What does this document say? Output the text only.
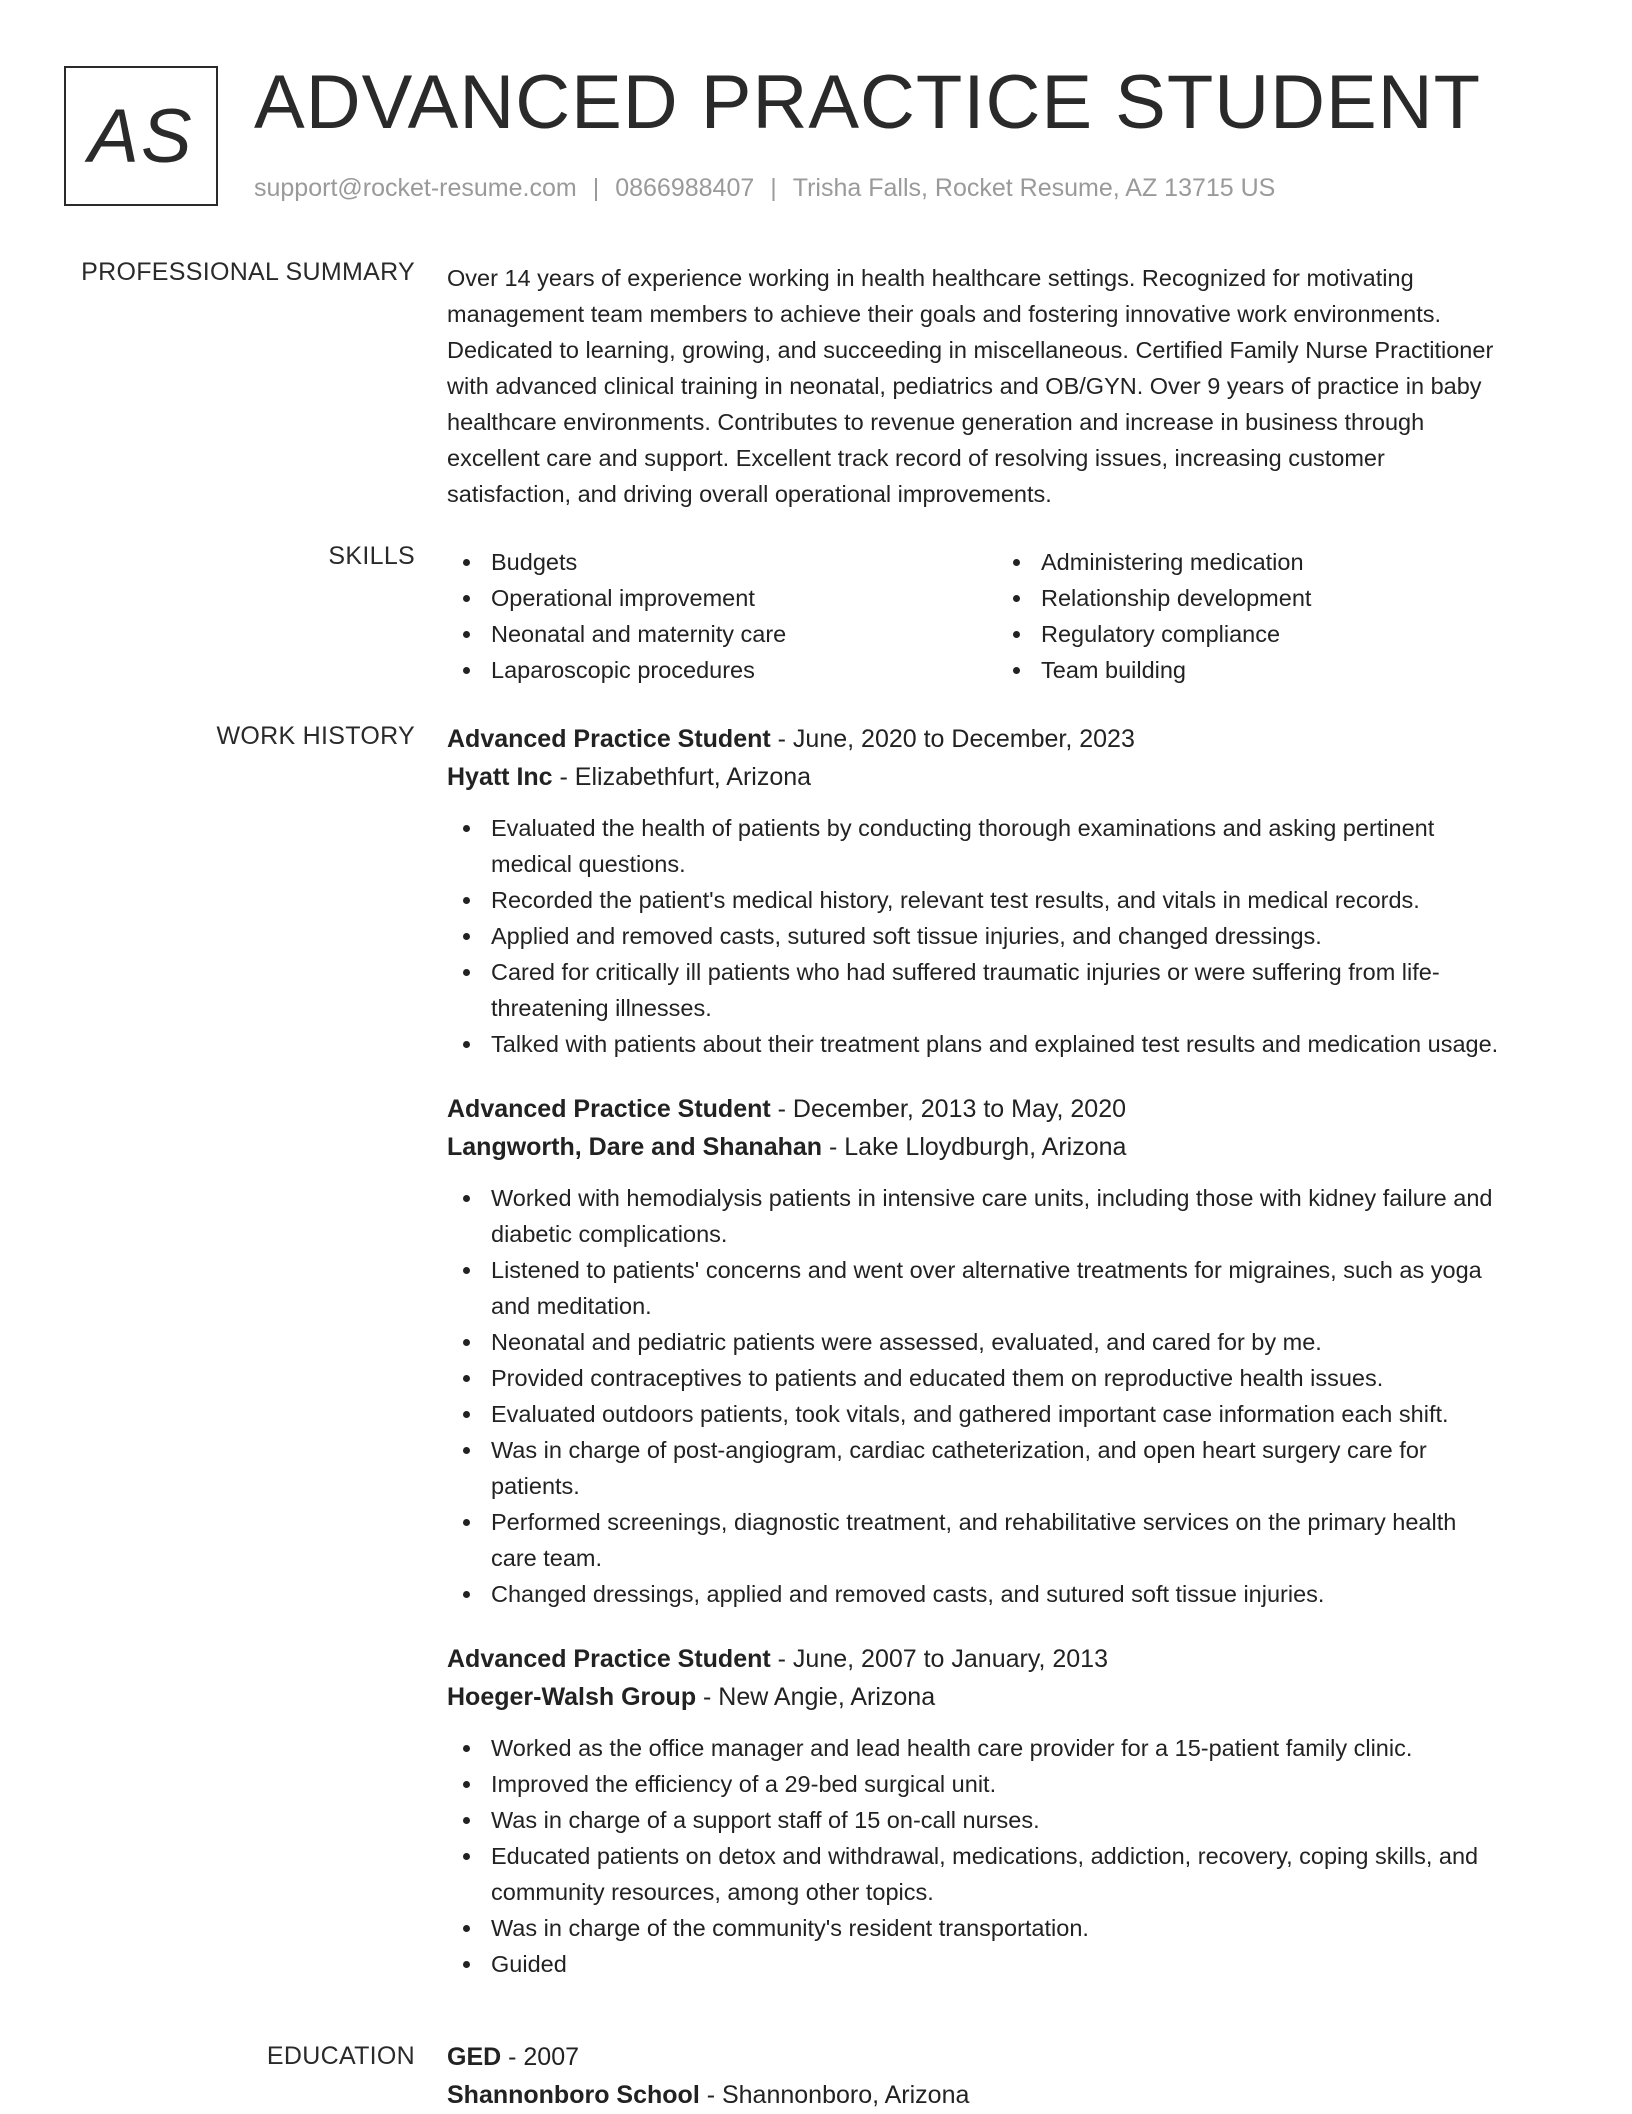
AS ADVANCED PRACTICE STUDENT
support@rocket-resume.com | 0866988407 | Trisha Falls, Rocket Resume, AZ 13715 US
PROFESSIONAL SUMMARY Over 14 years of experience working in health healthcare settings. Recognized for motivating
management team members to achieve their goals and fostering innovative work environments.
Dedicated to learning, growing, and succeeding in miscellaneous. Certified Family Nurse Practitioner
with advanced clinical training in neonatal, pediatrics and OB/GYN. Over 9 years of practice in baby
healthcare environments. Contributes to revenue generation and increase in business through
excellent care and support. Excellent track record of resolving issues, increasing customer
satisfaction, and driving overall operational improvements.
SKILLS	Budgets
Operational improvement
Neonatal and maternity care
Laparoscopic procedures
Administering medication
Relationship development
Regulatory compliance
Team building
WORK HISTORY Advanced Practice Student - June, 2020 to December, 2023
Hyatt Inc - Elizabethfurt, Arizona
Evaluated the health of patients by conducting thorough examinations and asking pertinent
medical questions.
Recorded the patient's medical history, relevant test results, and vitals in medical records.
Applied and removed casts, sutured soft tissue injuries, and changed dressings.
Cared for critically ill patients who had suffered traumatic injuries or were suffering from life-
threatening illnesses.
Talked with patients about their treatment plans and explained test results and medication usage.
Advanced Practice Student - December, 2013 to May, 2020
Langworth, Dare and Shanahan - Lake Lloydburgh, Arizona
Worked with hemodialysis patients in intensive care units, including those with kidney failure and
diabetic complications.
Listened to patients' concerns and went over alternative treatments for migraines, such as yoga
and meditation.
Neonatal and pediatric patients were assessed, evaluated, and cared for by me.
Provided contraceptives to patients and educated them on reproductive health issues.
Evaluated outdoors patients, took vitals, and gathered important case information each shift.
Was in charge of post-angiogram, cardiac catheterization, and open heart surgery care for
patients.
Performed screenings, diagnostic treatment, and rehabilitative services on the primary health
care team.
Changed dressings, applied and removed casts, and sutured soft tissue injuries.
Advanced Practice Student - June, 2007 to January, 2013
Hoeger-Walsh Group - New Angie, Arizona
Worked as the office manager and lead health care provider for a 15-patient family clinic.
Improved the efficiency of a 29-bed surgical unit.
Was in charge of a support staff of 15 on-call nurses.
Educated patients on detox and withdrawal, medications, addiction, recovery, coping skills, and
community resources, among other topics.
Was in charge of the community's resident transportation.
Guided
EDUCATION GED - 2007
Shannonboro School - Shannonboro, Arizona
